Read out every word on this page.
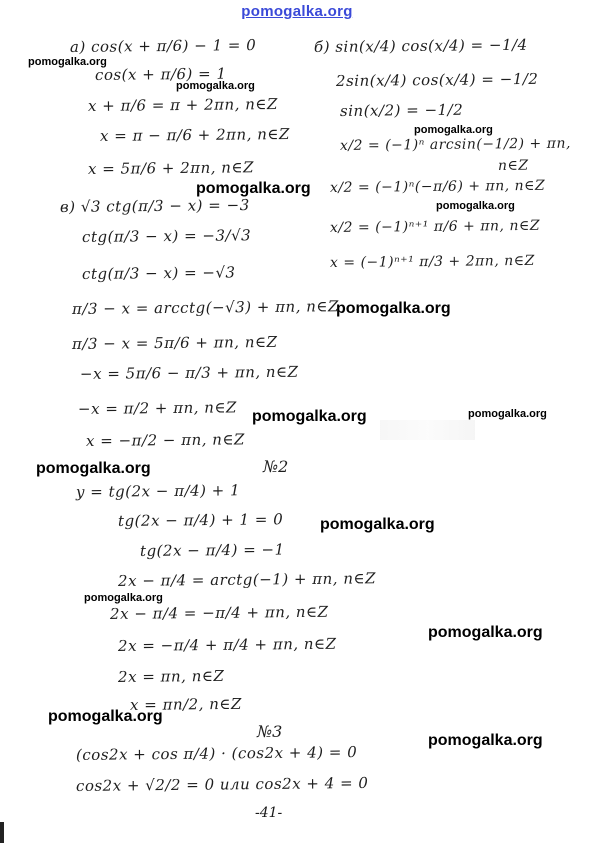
pomogalka.org
а) cos(x + π/6) − 1 = 0
cos(x + π/6) = 1
x + π/6 = π + 2πn, n∈Z
x = π − π/6 + 2πn, n∈Z
x = 5π/6 + 2πn, n∈Z
в) √3 ctg(π/3 − x) = −3
ctg(π/3 − x) = −3/√3
ctg(π/3 − x) = −√3
π/3 − x = arcctg(−√3) + πn, n∈Z
π/3 − x = 5π/6 + πn, n∈Z
−x = 5π/6 − π/3 + πn, n∈Z
−x = π/2 + πn, n∈Z
x = −π/2 − πn, n∈Z
б) sin(x/4) cos(x/4) = −1/4
2sin(x/4) cos(x/4) = −1/2
sin(x/2) = −1/2
x/2 = (−1)ⁿ arcsin(−1/2) + πn,
n∈Z
x/2 = (−1)ⁿ(−π/6) + πn, n∈Z
x/2 = (−1)ⁿ⁺¹ π/6 + πn, n∈Z
x = (−1)ⁿ⁺¹ π/3 + 2πn, n∈Z
№2
y = tg(2x − π/4) + 1
tg(2x − π/4) + 1 = 0
tg(2x − π/4) = −1
2x − π/4 = arctg(−1) + πn, n∈Z
2x − π/4 = −π/4 + πn, n∈Z
2x = −π/4 + π/4 + πn, n∈Z
2x = πn, n∈Z
x = πn/2, n∈Z
№3
(cos2x + cos π/4) · (cos2x + 4) = 0
cos2x + √2/2 = 0 или cos2x + 4 = 0
-41-
pomogalka.org
pomogalka.org
pomogalka.org
pomogalka.org
pomogalka.org
pomogalka.org
pomogalka.org	pomogalka.org
pomogalka.org
pomogalka.org
pomogalka.org
pomogalka.org
pomogalka.org
pomogalka.org
